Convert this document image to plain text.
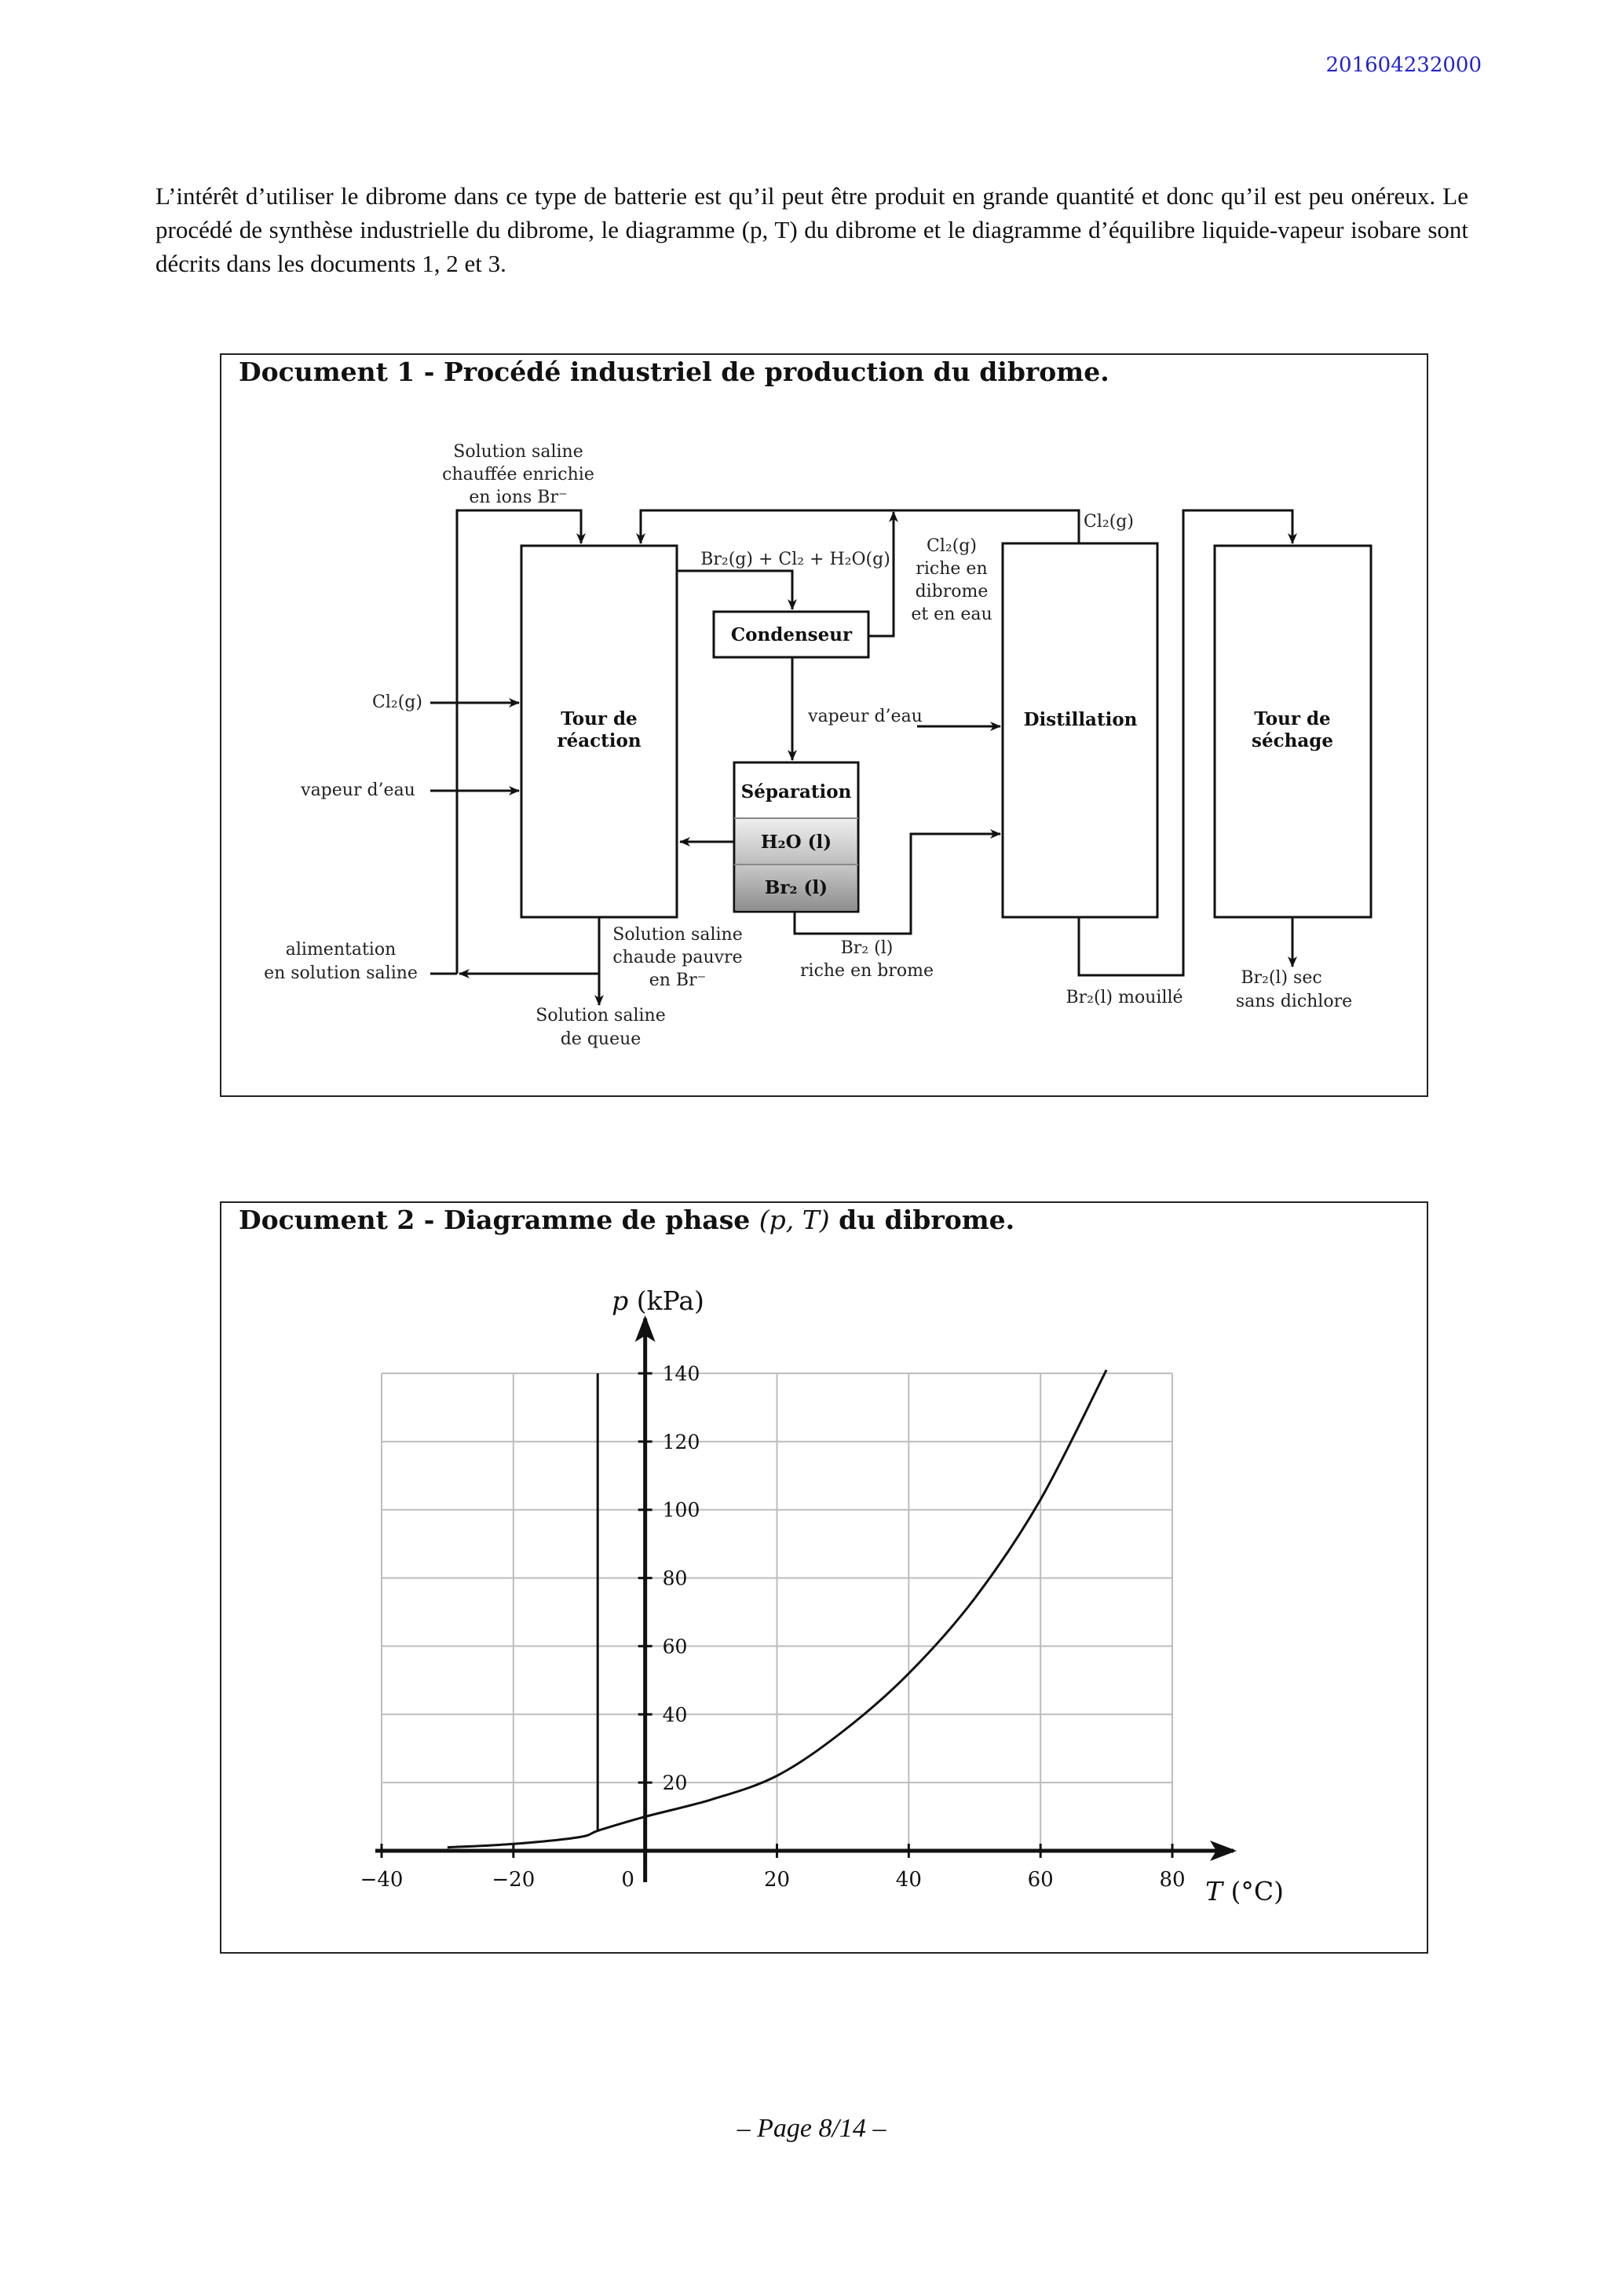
201604232000
L’intérêt d’utiliser le dibrome dans ce type de batterie est qu’il peut être produit en grande quantité et donc qu’il est peu onéreux. Le procédé de synthèse industrielle du dibrome, le diagramme (p, T) du dibrome et le diagramme d’équilibre liquide-vapeur isobare sont décrits dans les documents 1, 2 et 3.
Document 1 - Procédé industriel de production du dibrome.
Solution saline
chauffée enrichie
en ions Br⁻
Br₂(g) + Cl₂ + H₂O(g)
Cl₂(g)
riche en
dibrome
et en eau
Cl₂(g)
Cl₂(g)
vapeur d’eau
vapeur d’eau
alimentation
en solution saline
Solution saline
chaude pauvre
en Br⁻
Solution saline
de queue
Br₂ (l)
riche en brome
Br₂(l) mouillé
Br₂(l) sec
sans dichlore
Tour de
réaction
Distillation	Tour de
séchage
Condenseur
Séparation
H₂O (l)
Br₂ (l)
Document 2 - Diagramme de phase (p, T) du dibrome.
−40	−20	0	20	40	60	80
20
40
60
80
100
120
140
p (kPa)
T (°C)
– Page 8/14 –
